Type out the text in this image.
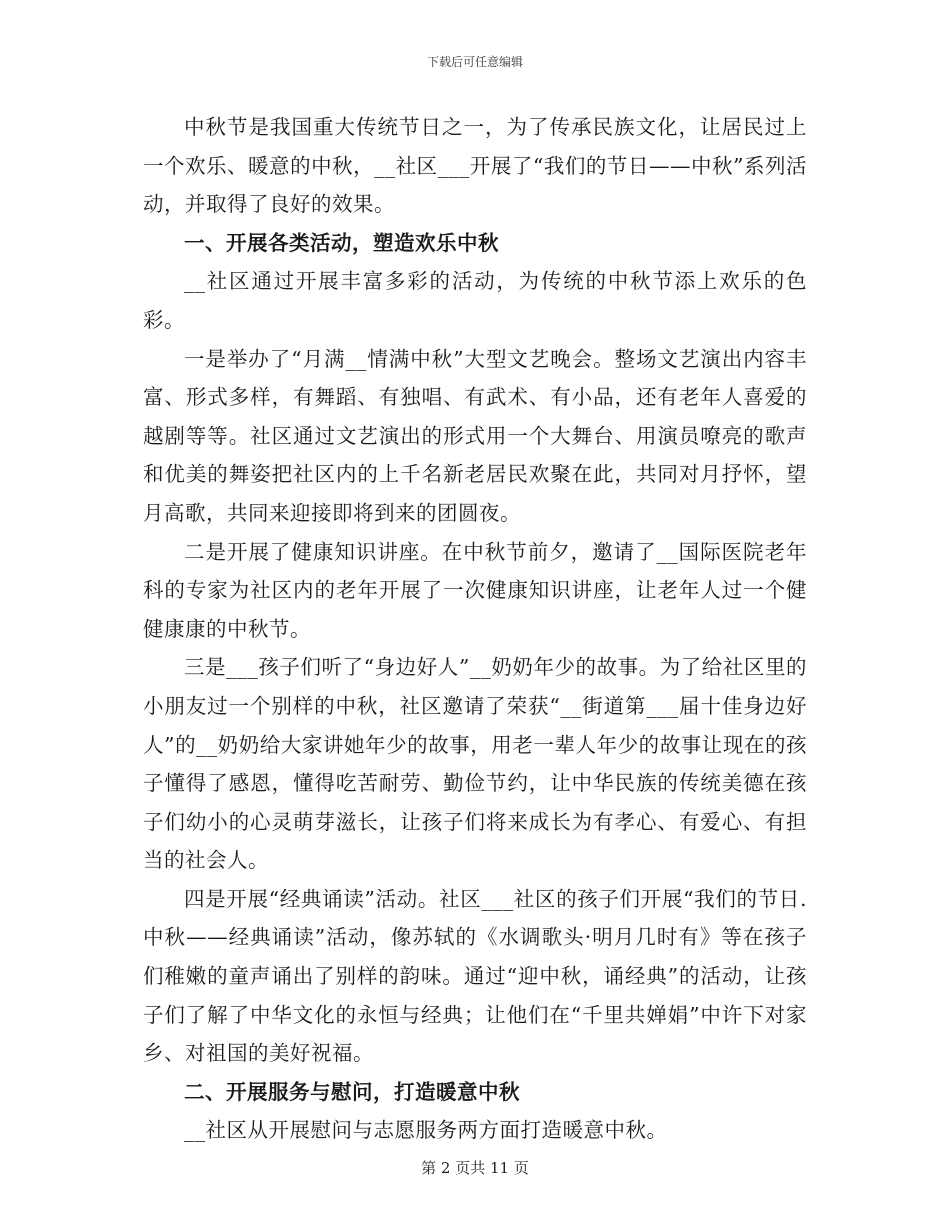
下载后可任意编辑

中秋节是我国重大传统节日之一，为了传承民族文化，让居民过上一个欢乐、暖意的中秋，__社区___开展了“我们的节日——中秋”系列活动，并取得了良好的效果。

一、开展各类活动，塑造欢乐中秋

__社区通过开展丰富多彩的活动，为传统的中秋节添上欢乐的色彩。

一是举办了“月满__情满中秋”大型文艺晚会。整场文艺演出内容丰富、形式多样，有舞蹈、有独唱、有武术、有小品，还有老年人喜爱的越剧等等。社区通过文艺演出的形式用一个大舞台、用演员嘹亮的歌声和优美的舞姿把社区内的上千名新老居民欢聚在此，共同对月抒怀，望月高歌，共同来迎接即将到来的团圆夜。

二是开展了健康知识讲座。在中秋节前夕，邀请了__国际医院老年科的专家为社区内的老年开展了一次健康知识讲座，让老年人过一个健健康康的中秋节。

三是___孩子们听了“身边好人”__奶奶年少的故事。为了给社区里的小朋友过一个别样的中秋，社区邀请了荣获“__街道第___届十佳身边好人”的__奶奶给大家讲她年少的故事，用老一辈人年少的故事让现在的孩子懂得了感恩，懂得吃苦耐劳、勤俭节约，让中华民族的传统美德在孩子们幼小的心灵萌芽滋长，让孩子们将来成长为有孝心、有爱心、有担当的社会人。

四是开展“经典诵读”活动。社区___社区的孩子们开展“我们的节日.中秋——经典诵读”活动，像苏轼的《水调歌头·明月几时有》等在孩子们稚嫩的童声诵出了别样的韵味。通过“迎中秋，诵经典”的活动，让孩子们了解了中华文化的永恒与经典；让他们在“千里共婵娟”中许下对家乡、对祖国的美好祝福。

二、开展服务与慰问，打造暖意中秋

__社区从开展慰问与志愿服务两方面打造暖意中秋。

第 2 页共 11 页
